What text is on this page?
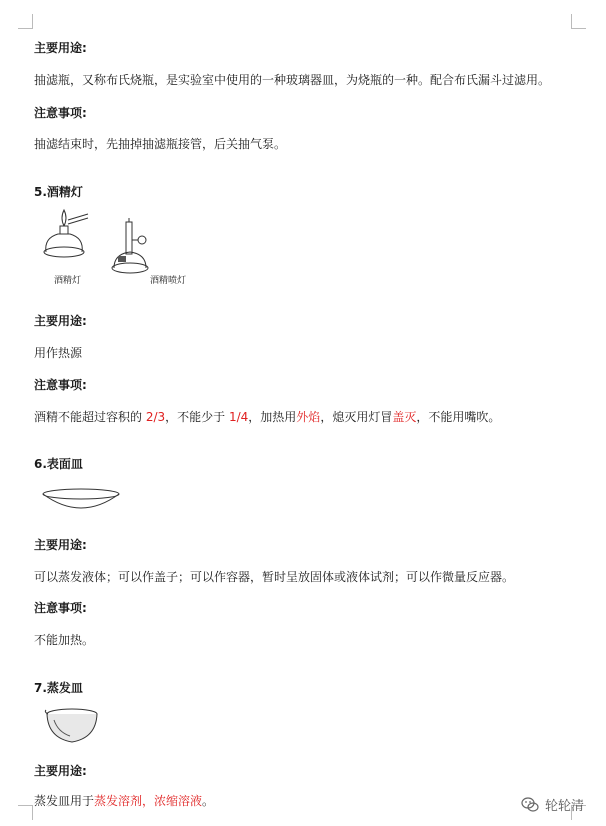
主要用途:
抽滤瓶，又称布氏烧瓶，是实验室中使用的一种玻璃器皿，为烧瓶的一种。配合布氏漏斗过滤用。
注意事项:
抽滤结束时，先抽掉抽滤瓶接管，后关抽气泵。
5.酒精灯
酒精灯	酒精喷灯
主要用途:
用作热源
注意事项:
酒精不能超过容积的 2/3，不能少于 1/4，加热用外焰，熄灭用灯冒盖灭，不能用嘴吹。
6.表面皿
主要用途:
可以蒸发液体；可以作盖子；可以作容器，暂时呈放固体或液体试剂；可以作微量反应器。
注意事项:
不能加热。
7.蒸发皿
主要用途:
蒸发皿用于蒸发溶剂，浓缩溶液。	轮轮清
